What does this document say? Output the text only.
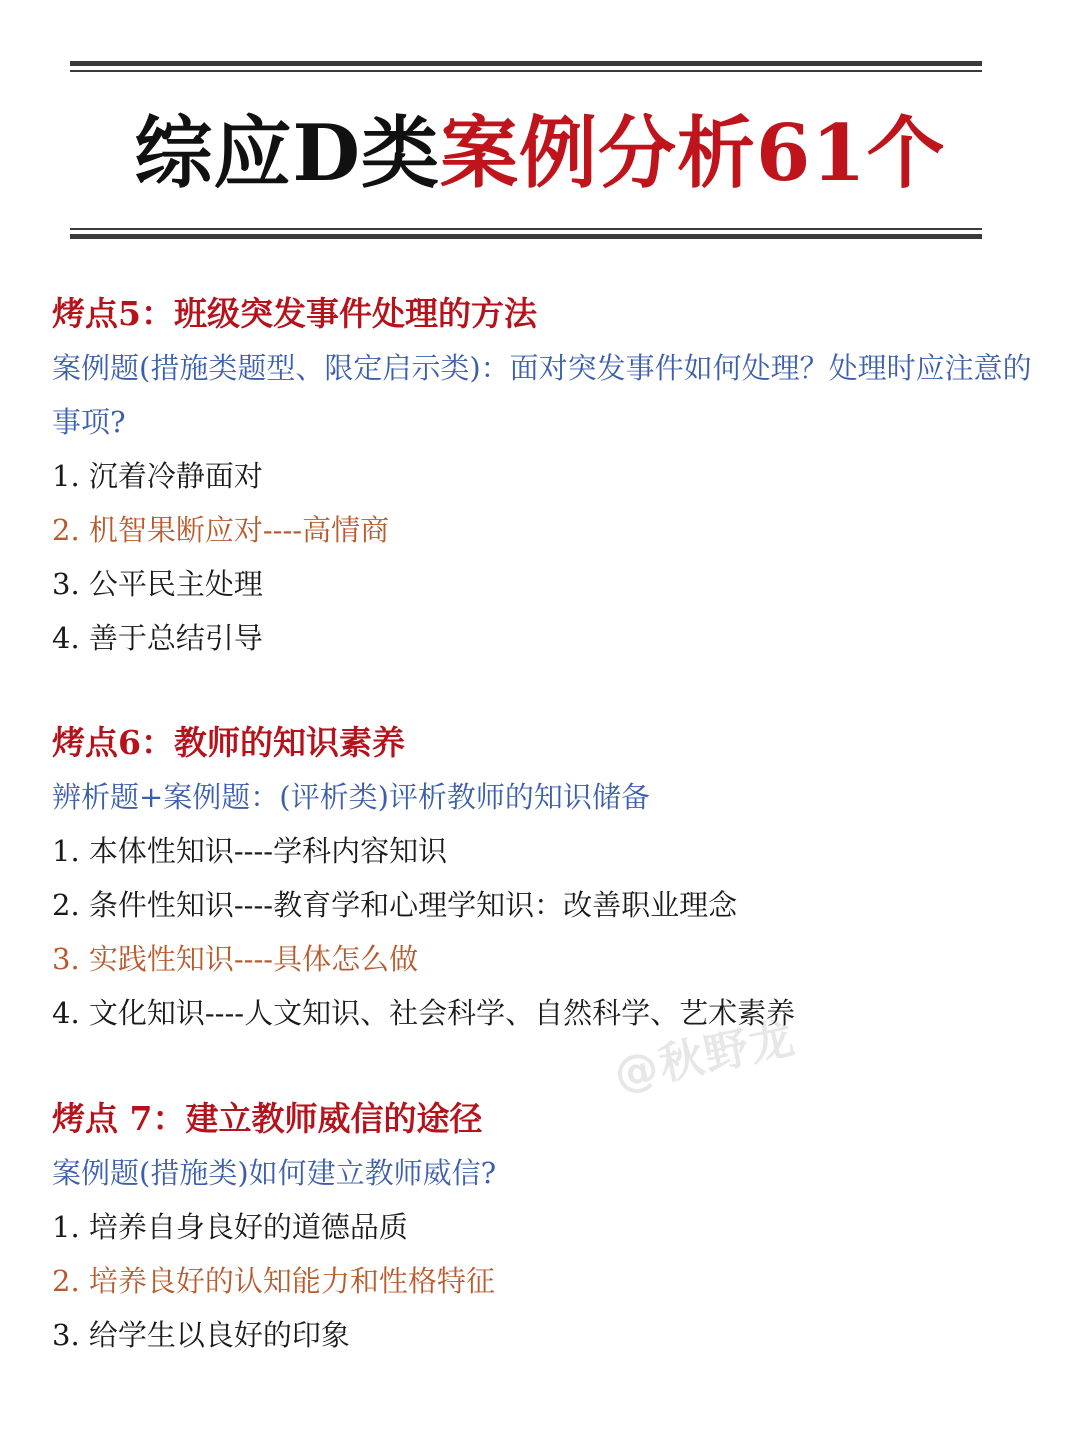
综应D类案例分析61个
烤点5：班级突发事件处理的方法
案例题(措施类题型、限定启示类)：面对突发事件如何处理？处理时应注意的事项?
1. 沉着冷静面对
2. 机智果断应对----高情商
3. 公平民主处理
4. 善于总结引导
烤点6：教师的知识素养
辨析题+案例题：(评析类)评析教师的知识储备
1. 本体性知识----学科内容知识
2. 条件性知识----教育学和心理学知识：改善职业理念
3. 实践性知识----具体怎么做
4. 文化知识----人文知识、社会科学、自然科学、艺术素养
@秋野龙
烤点 7：建立教师威信的途径
案例题(措施类)如何建立教师威信?
1. 培养自身良好的道德品质
2. 培养良好的认知能力和性格特征
3. 给学生以良好的印象
